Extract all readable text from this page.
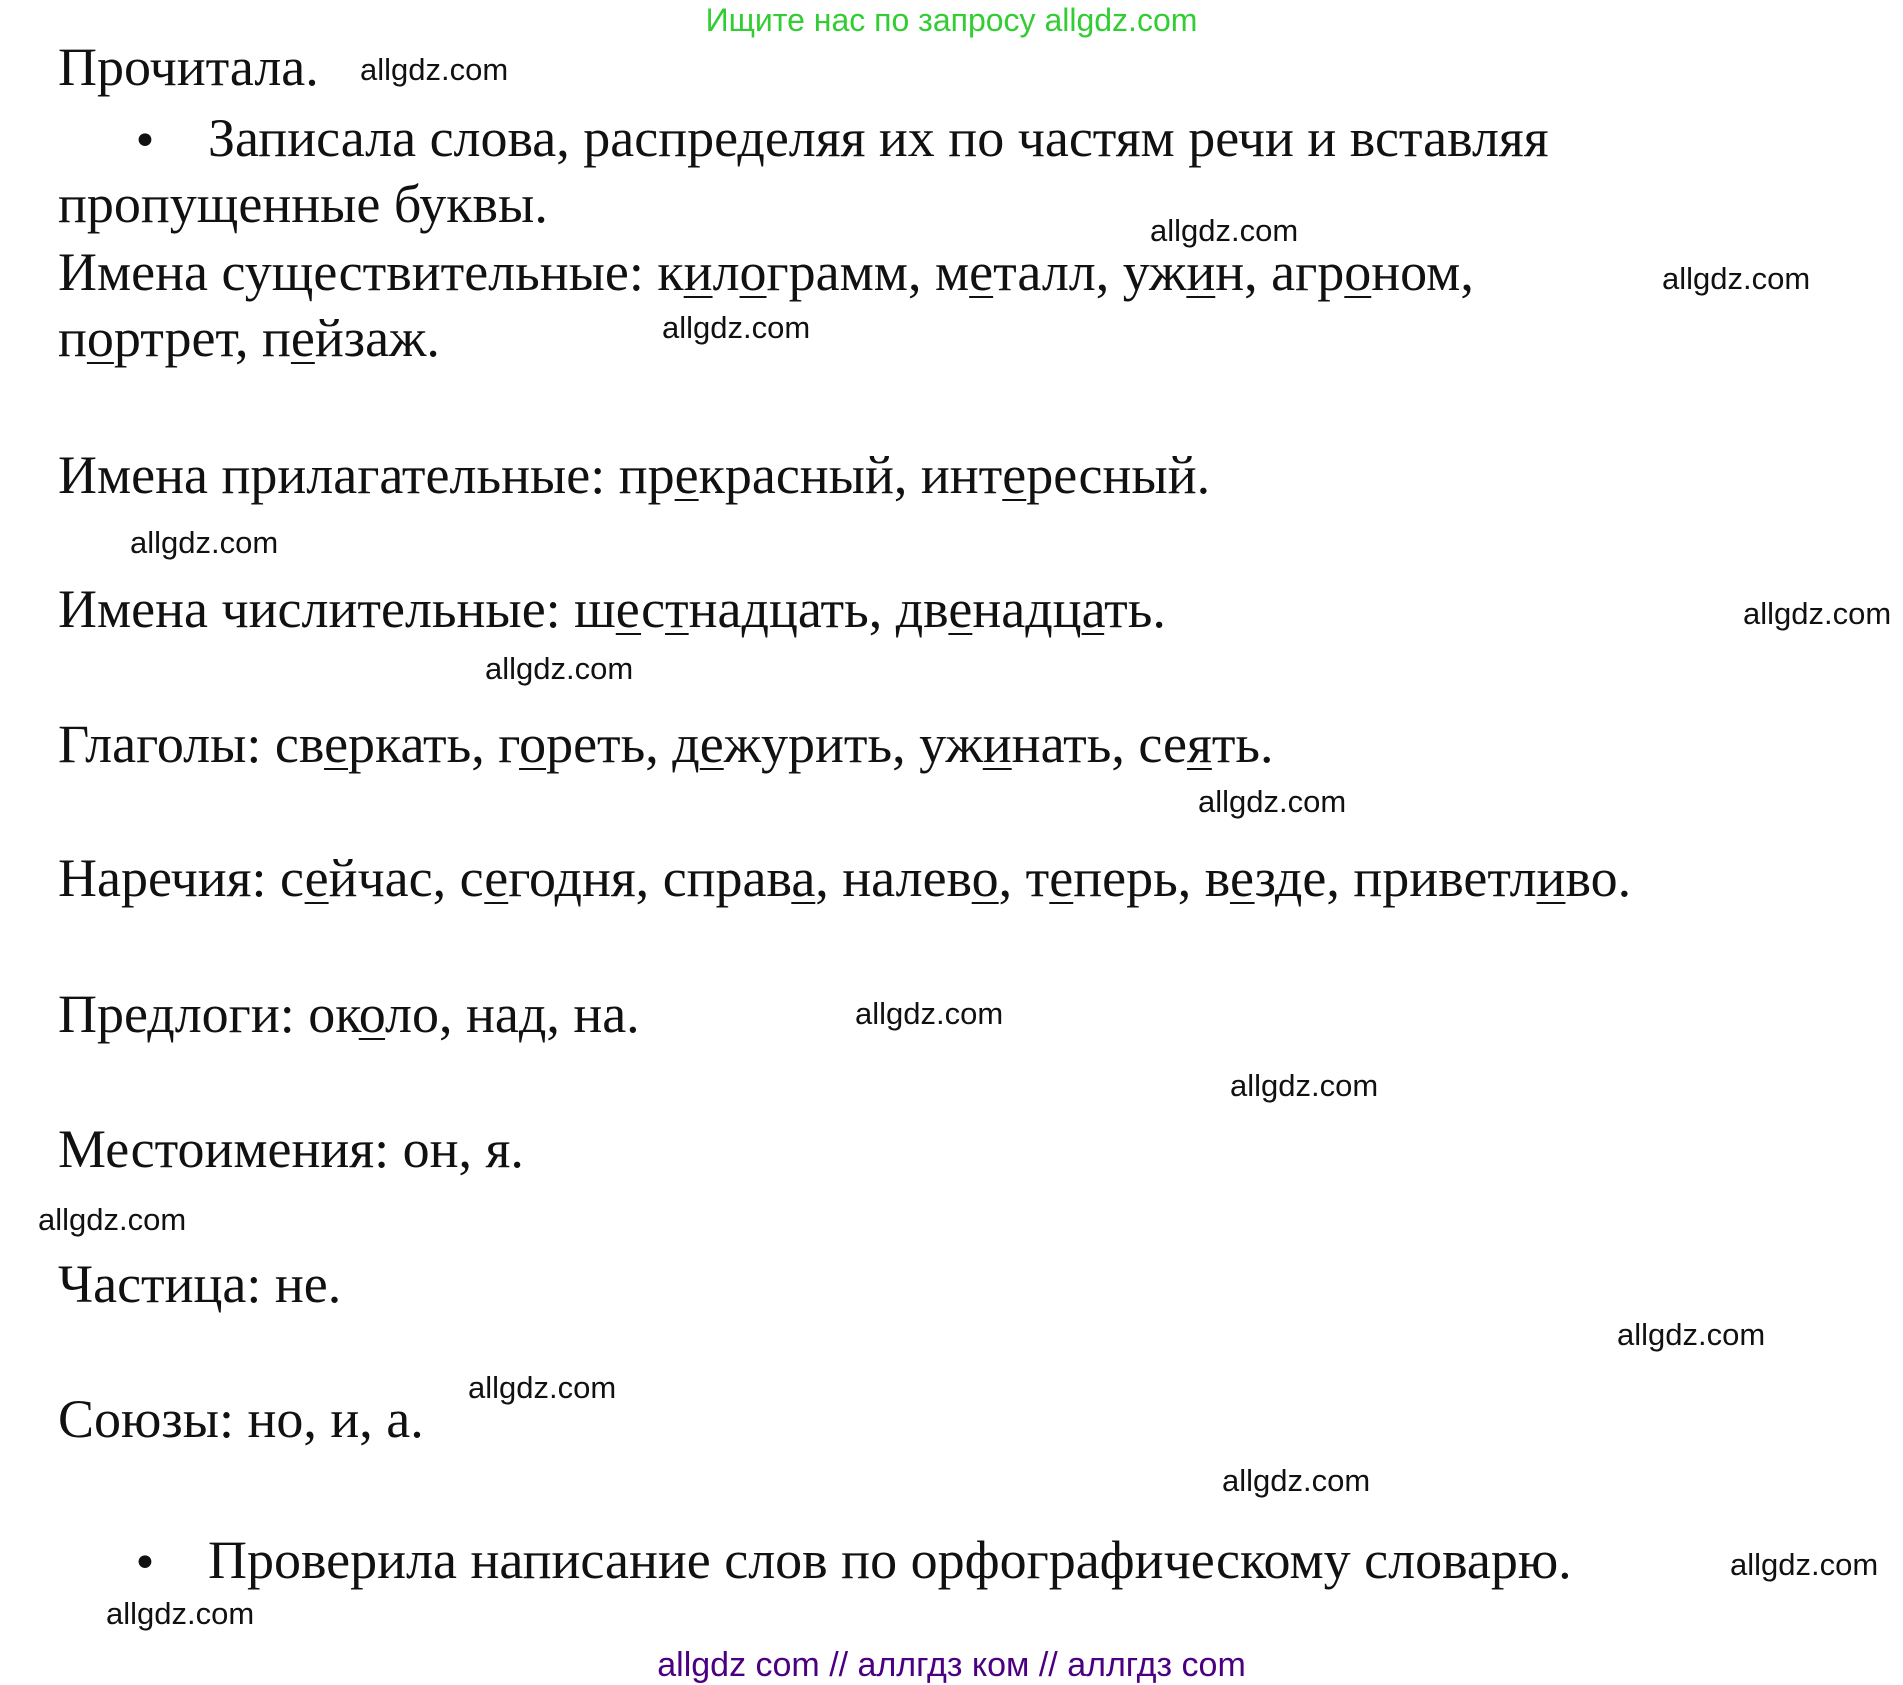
Ищите нас по запросу allgdz.com
Прочитала.
• Записала слова, распределяя их по частям речи и вставляя
пропущенные буквы.
Имена существительные: килограмм, металл, ужин, агроном,
портрет, пейзаж.
Имена прилагательные: прекрасный, интересный.
Имена числительные: шестнадцать, двенадцать.
Глаголы: сверкать, гореть, дежурить, ужинать, сеять.
Наречия: сейчас, сегодня, справа, налево, теперь, везде, приветливо.
Предлоги: около, над, на.
Местоимения: он, я.
Частица: не.
Союзы: но, и, а.
• Проверила написание слов по орфографическому словарю.
allgdz.com
allgdz.com
allgdz.com
allgdz.com
allgdz.com
allgdz.com
allgdz.com
allgdz.com
allgdz.com
allgdz.com
allgdz.com
allgdz.com
allgdz.com
allgdz.com
allgdz.com
allgdz.com
allgdz com // аллгдз ком // аллгдз com
